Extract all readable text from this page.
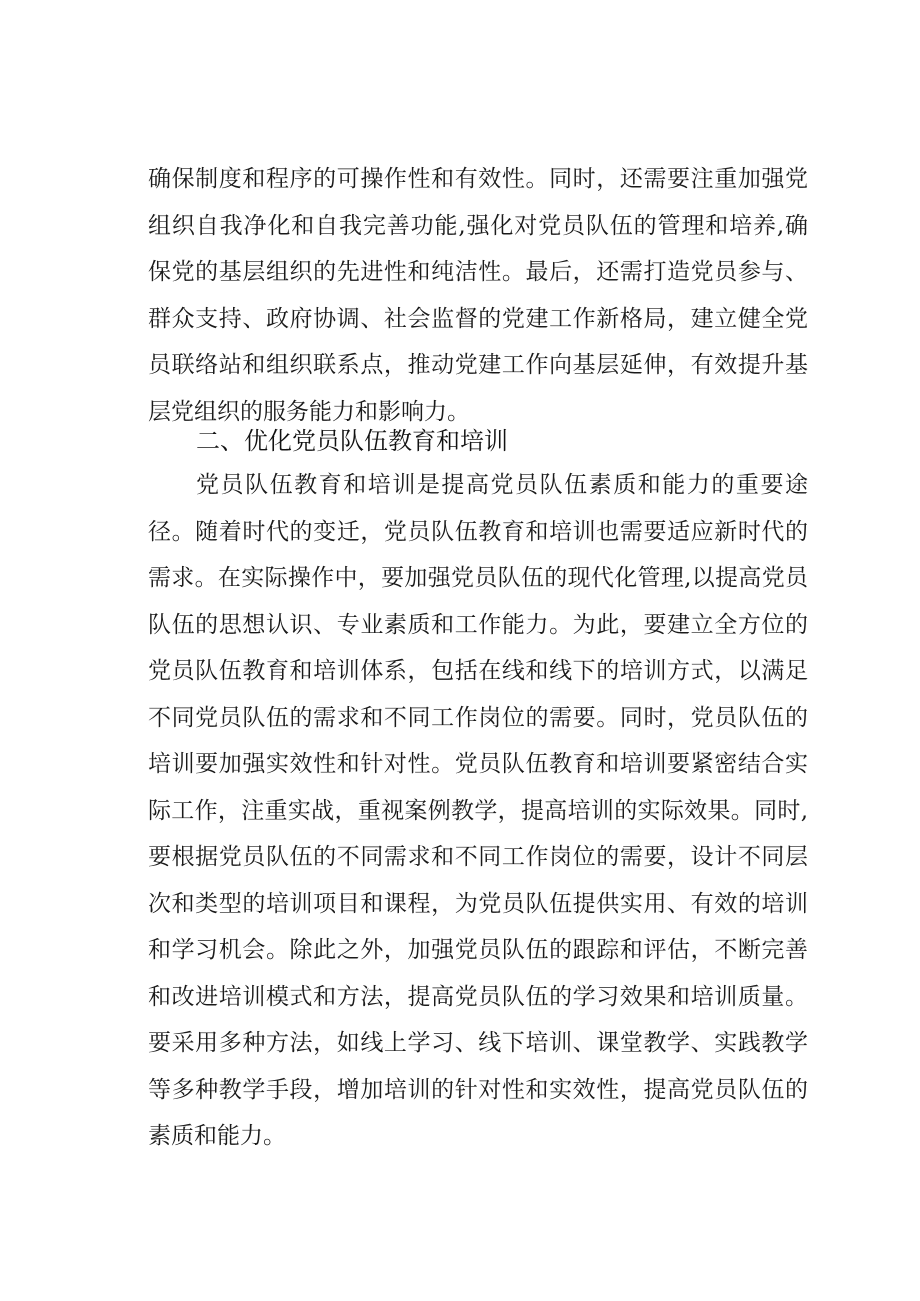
确保制度和程序的可操作性和有效性。同时，还需要注重加强党
组织自我净化和自我完善功能,强化对党员队伍的管理和培养,确
保党的基层组织的先进性和纯洁性。最后，还需打造党员参与、
群众支持、政府协调、社会监督的党建工作新格局，建立健全党
员联络站和组织联系点，推动党建工作向基层延伸，有效提升基
层党组织的服务能力和影响力。
二、优化党员队伍教育和培训
党员队伍教育和培训是提高党员队伍素质和能力的重要途
径。随着时代的变迁，党员队伍教育和培训也需要适应新时代的
需求。在实际操作中，要加强党员队伍的现代化管理,以提高党员
队伍的思想认识、专业素质和工作能力。为此，要建立全方位的
党员队伍教育和培训体系，包括在线和线下的培训方式，以满足
不同党员队伍的需求和不同工作岗位的需要。同时，党员队伍的
培训要加强实效性和针对性。党员队伍教育和培训要紧密结合实
际工作，注重实战，重视案例教学，提高培训的实际效果。同时,
要根据党员队伍的不同需求和不同工作岗位的需要，设计不同层
次和类型的培训项目和课程，为党员队伍提供实用、有效的培训
和学习机会。除此之外，加强党员队伍的跟踪和评估，不断完善
和改进培训模式和方法，提高党员队伍的学习效果和培训质量。
要采用多种方法，如线上学习、线下培训、课堂教学、实践教学
等多种教学手段，增加培训的针对性和实效性，提高党员队伍的
素质和能力。
